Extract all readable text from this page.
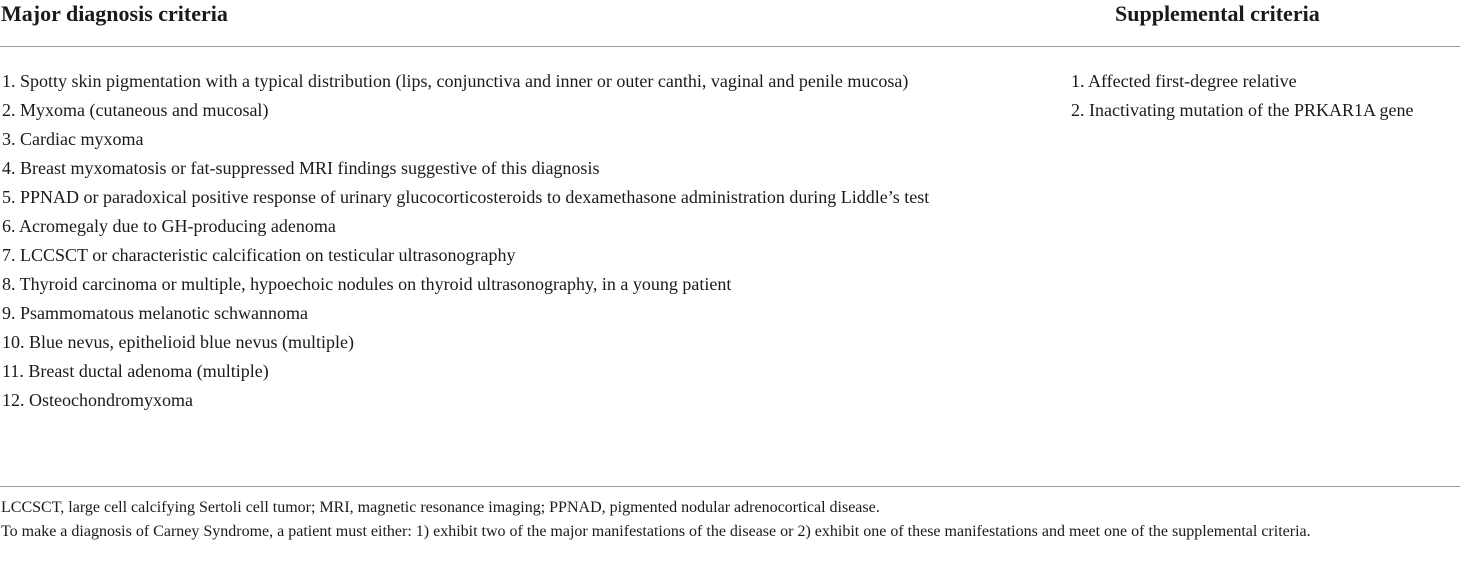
Major diagnosis criteria	Supplemental criteria
1. Spotty skin pigmentation with a typical distribution (lips, conjunctiva and inner or outer canthi, vaginal and penile mucosa)
2. Myxoma (cutaneous and mucosal)
3. Cardiac myxoma
4. Breast myxomatosis or fat-suppressed MRI findings suggestive of this diagnosis
5. PPNAD or paradoxical positive response of urinary glucocorticosteroids to dexamethasone administration during Liddle’s test
6. Acromegaly due to GH-producing adenoma
7. LCCSCT or characteristic calcification on testicular ultrasonography
8. Thyroid carcinoma or multiple, hypoechoic nodules on thyroid ultrasonography, in a young patient
9. Psammomatous melanotic schwannoma
10. Blue nevus, epithelioid blue nevus (multiple)
11. Breast ductal adenoma (multiple)
12. Osteochondromyxoma
1. Affected first-degree relative
2. Inactivating mutation of the PRKAR1A gene

LCCSCT, large cell calcifying Sertoli cell tumor; MRI, magnetic resonance imaging; PPNAD, pigmented nodular adrenocortical disease.

To make a diagnosis of Carney Syndrome, a patient must either: 1) exhibit two of the major manifestations of the disease or 2) exhibit one of these manifestations and meet one of the supplemental criteria.
